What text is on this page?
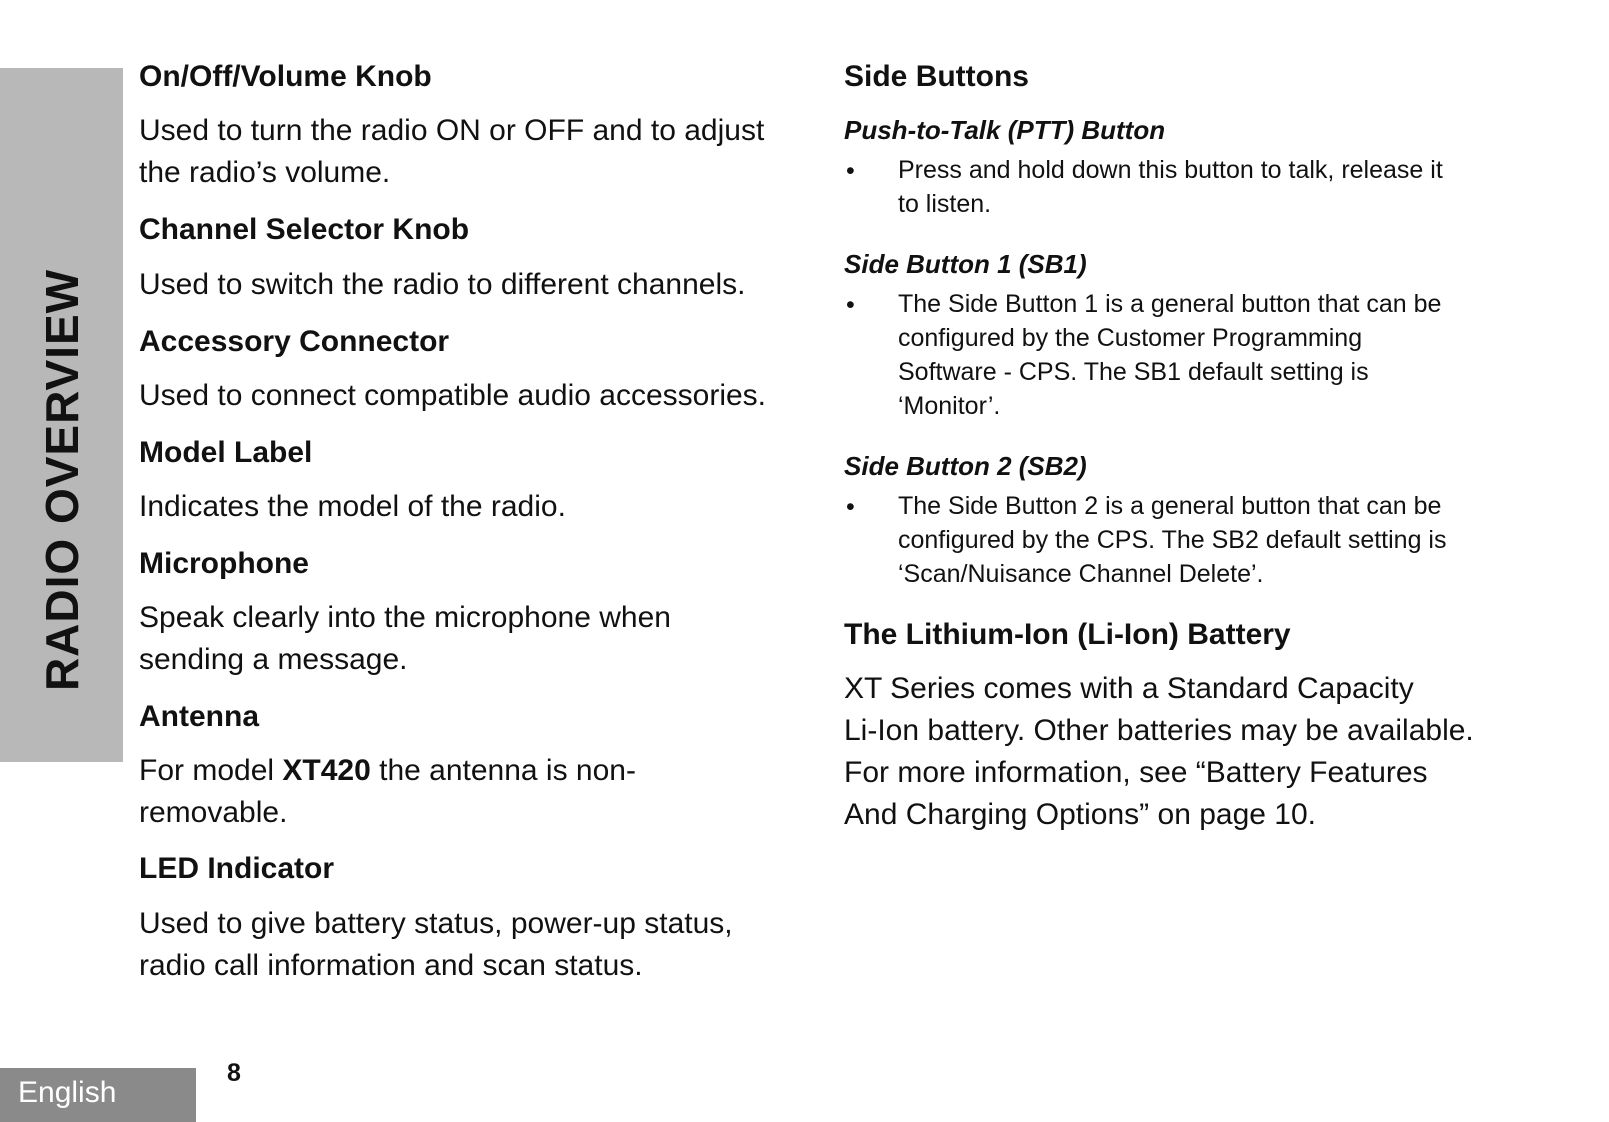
RADIO OVERVIEW
On/Off/Volume Knob
Used to turn the radio ON or OFF and to adjust
the radio’s volume.
Channel Selector Knob
Used to switch the radio to different channels.
Accessory Connector
Used to connect compatible audio accessories.
Model Label
Indicates the model of the radio.
Microphone
Speak clearly into the microphone when
sending a message.
Antenna
For model XT420 the antenna is non-
removable.
LED Indicator
Used to give battery status, power-up status,
radio call information and scan status.
Side Buttons
Push-to-Talk (PTT) Button
• Press and hold down this button to talk, release it
to listen.
Side Button 1 (SB1)
• The Side Button 1 is a general button that can be
configured by the Customer Programming
Software - CPS. The SB1 default setting is
‘Monitor’.
Side Button 2 (SB2)
• The Side Button 2 is a general button that can be
configured by the CPS. The SB2 default setting is
‘Scan/Nuisance Channel Delete’.
The Lithium-Ion (Li-Ion) Battery
XT Series comes with a Standard Capacity
Li-Ion battery. Other batteries may be available.
For more information, see “Battery Features
And Charging Options” on page 10.
English
8
